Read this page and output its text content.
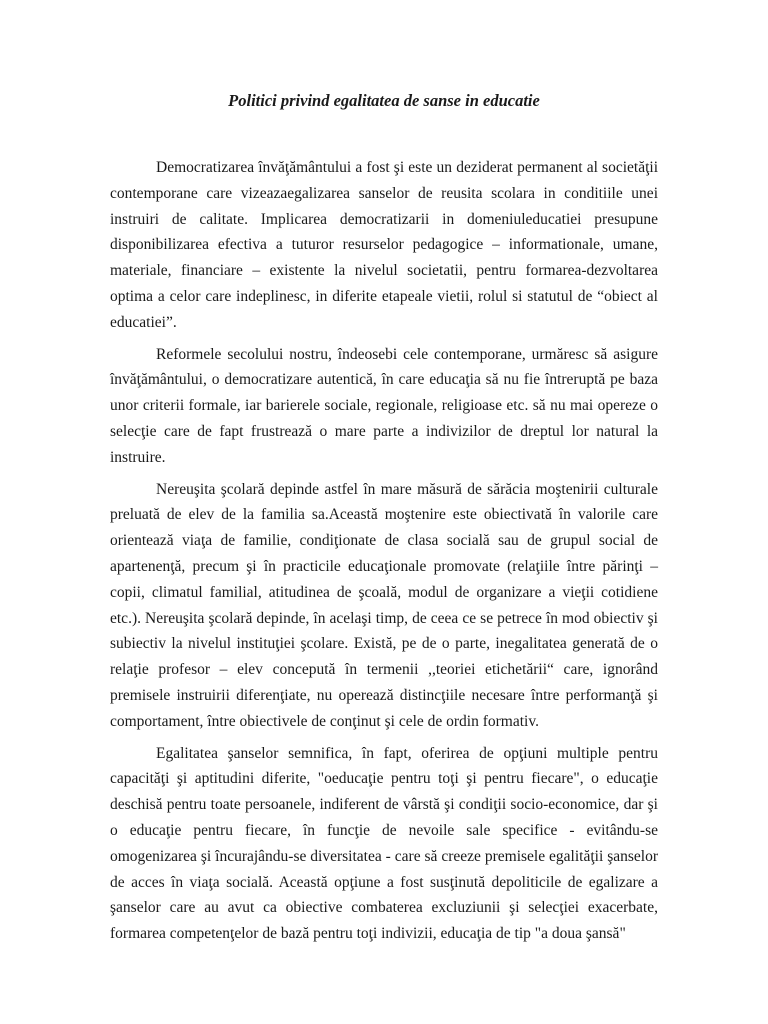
Politici privind egalitatea de sanse in educatie

Democratizarea învăţământului a fost şi este un deziderat permanent al societăţii contemporane care vizeazaegalizarea sanselor de reusita scolara in conditiile unei instruiri de calitate. Implicarea democratizarii in domeniuleducatiei presupune disponibilizarea efectiva a tuturor resurselor pedagogice – informationale, umane, materiale, financiare – existente la nivelul societatii, pentru formarea-dezvoltarea optima a celor care indeplinesc, in diferite etapeale vietii, rolul si statutul de “obiect al educatiei”.

Reformele secolului nostru, îndeosebi cele contemporane, urmăresc să asigure învăţământului, o democratizare autentică, în care educaţia să nu fie întreruptă pe baza unor criterii formale, iar barierele sociale, regionale, religioase etc. să nu mai opereze o selecţie care de fapt frustrează o mare parte a indivizilor de dreptul lor natural la instruire.

Nereuşita şcolară depinde astfel în mare măsură de sărăcia moştenirii culturale preluată de elev de la familia sa.Această moştenire este obiectivată în valorile care orientează viaţa de familie, condiţionate de clasa socială sau de grupul social de apartenenţă, precum şi în practicile educaţionale promovate (relaţiile între părinţi –copii, climatul familial, atitudinea de şcoală, modul de organizare a vieţii cotidiene etc.). Nereuşita şcolară depinde, în acelaşi timp, de ceea ce se petrece în mod obiectiv şi subiectiv la nivelul instituţiei şcolare. Există, pe de o parte, inegalitatea generată de o relaţie profesor – elev concepută în termenii ,,teoriei etichetării“ care, ignorând premisele instruirii diferenţiate, nu operează distincţiile necesare între performanţă şi comportament, între obiectivele de conţinut şi cele de ordin formativ.

Egalitatea şanselor semnifica, în fapt, oferirea de opţiuni multiple pentru capacităţi şi aptitudini diferite, "oeducaţie pentru toţi şi pentru fiecare", o educaţie deschisă pentru toate persoanele, indiferent de vârstă şi condiţii socio-economice, dar şi o educaţie pentru fiecare, în funcţie de nevoile sale specifice - evitându-se omogenizarea şi încurajându-se diversitatea - care să creeze premisele egalităţii şanselor de acces în viaţa socială. Această opţiune a fost susţinută depoliticile de egalizare a şanselor care au avut ca obiective combaterea excluziunii şi selecţiei exacerbate, formarea competenţelor de bază pentru toţi indivizii, educaţia de tip "a doua şansă"
